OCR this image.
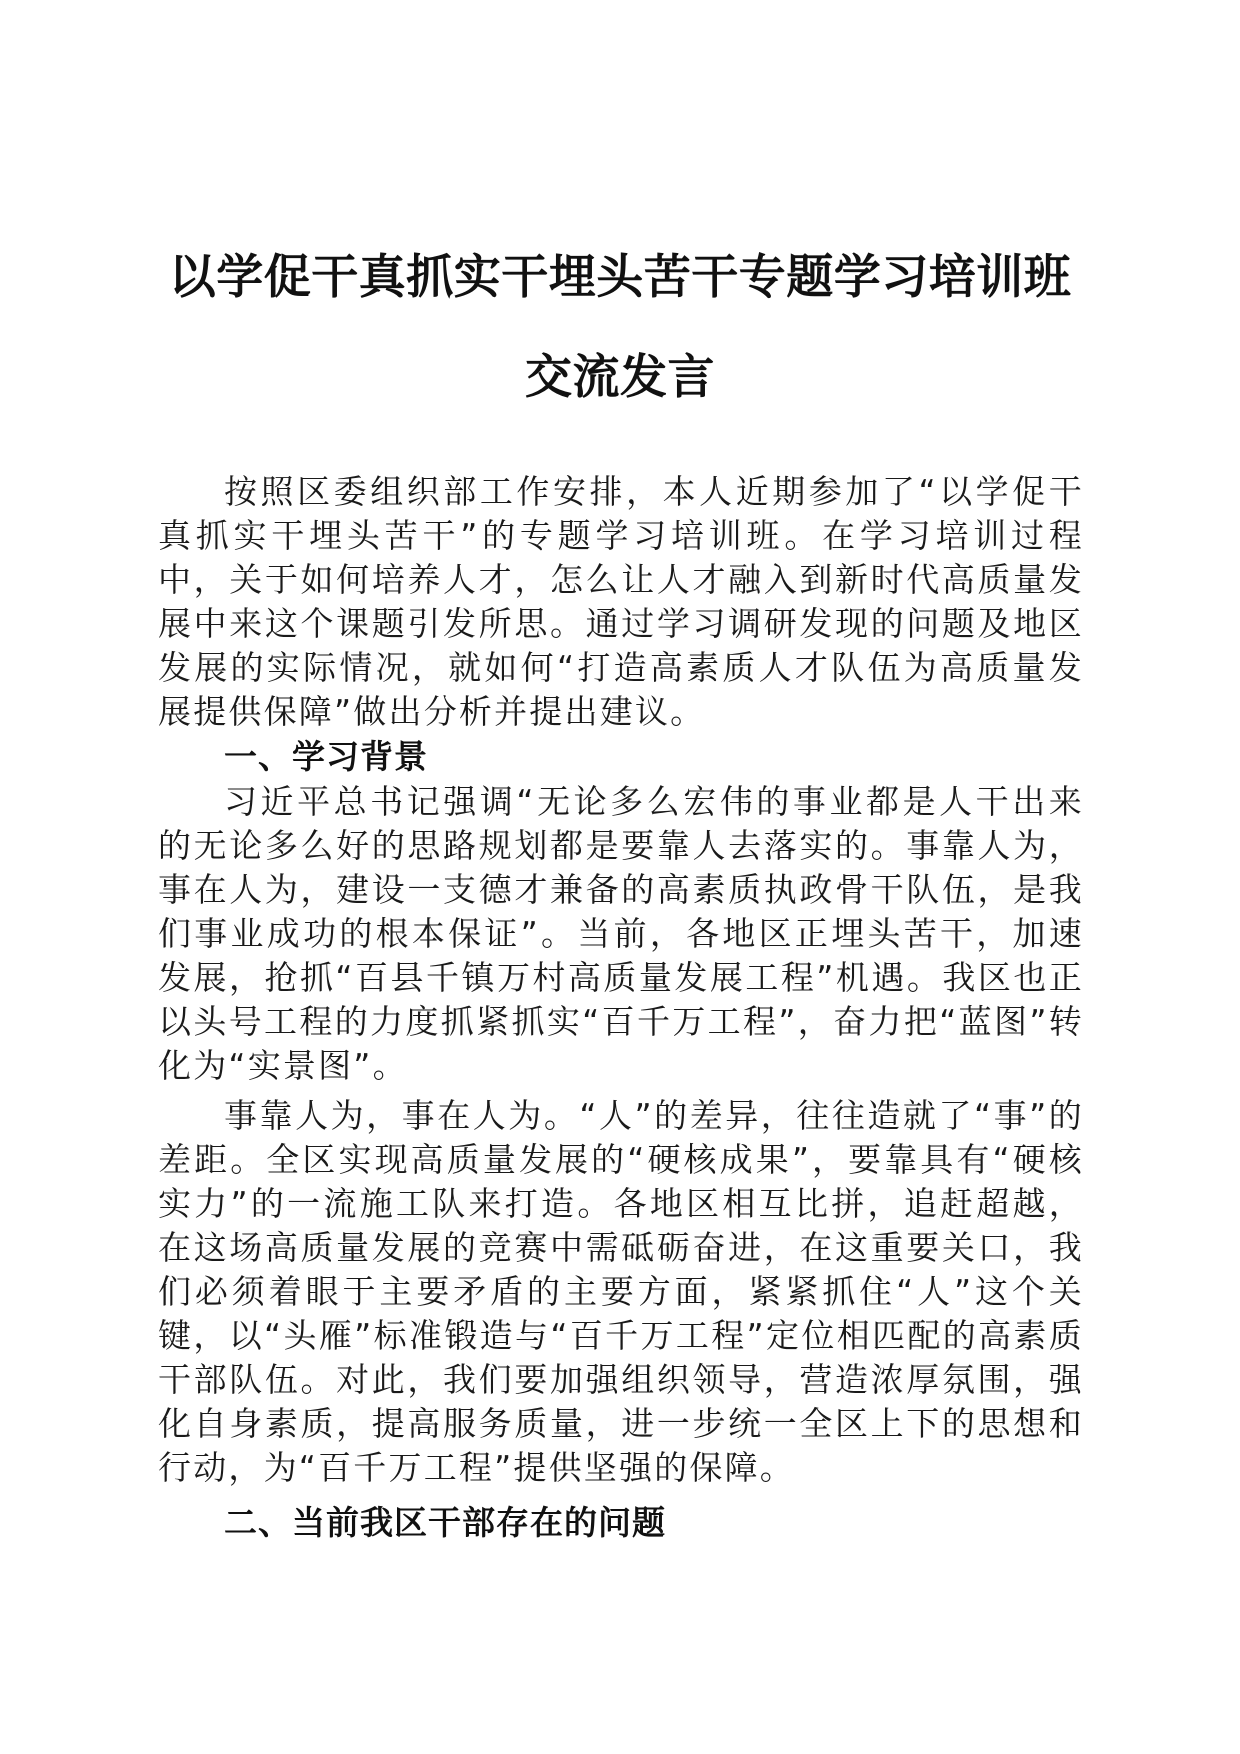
以学促干真抓实干埋头苦干专题学习培训班交流发言

按照区委组织部工作安排，本人近期参加了“以学促干真抓实干埋头苦干”的专题学习培训班。在学习培训过程中，关于如何培养人才，怎么让人才融入到新时代高质量发展中来这个课题引发所思。通过学习调研发现的问题及地区发展的实际情况，就如何“打造高素质人才队伍为高质量发展提供保障”做出分析并提出建议。

一、学习背景

习近平总书记强调“无论多么宏伟的事业都是人干出来的无论多么好的思路规划都是要靠人去落实的。事靠人为，事在人为，建设一支德才兼备的高素质执政骨干队伍，是我们事业成功的根本保证”。当前，各地区正埋头苦干，加速发展，抢抓“百县千镇万村高质量发展工程”机遇。我区也正以头号工程的力度抓紧抓实“百千万工程”，奋力把“蓝图”转化为“实景图”。

事靠人为，事在人为。“人”的差异，往往造就了“事”的差距。全区实现高质量发展的“硬核成果”，要靠具有“硬核实力”的一流施工队来打造。各地区相互比拼，追赶超越，在这场高质量发展的竞赛中需砥砺奋进，在这重要关口，我们必须着眼于主要矛盾的主要方面，紧紧抓住“人”这个关键，以“头雁”标准锻造与“百千万工程”定位相匹配的高素质干部队伍。对此，我们要加强组织领导，营造浓厚氛围，强化自身素质，提高服务质量，进一步统一全区上下的思想和行动，为“百千万工程”提供坚强的保障。

二、当前我区干部存在的问题
